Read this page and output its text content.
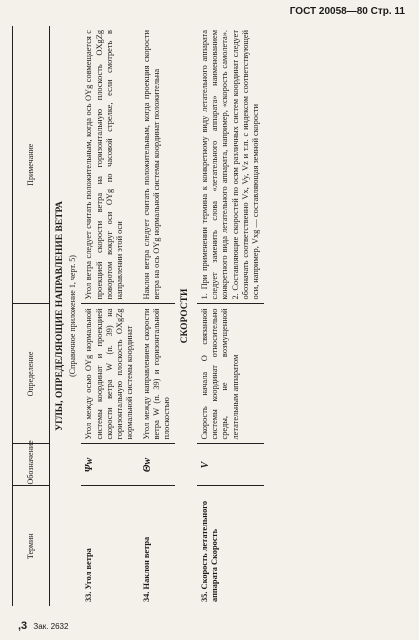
ГОСТ 20058—80 Стр. 11
Термин	Обозначение	Определение	Примечание
УГЛЫ, ОПРЕДЕЛЯЮЩИЕ НАПРАВЛЕНИЕ ВЕТРА			
(Справочное приложение 1, черт. 5)			
33. Угол ветра	Ψw	Угол между осью OYg нормальной системы координат и проекцией скорости ветра W (п. 39) на горизонтальную плоскость OXgZg нормальной системы координат	Угол ветра следует считать положительным, когда ось OYg совмещается с проекцией скорости ветра на горизонтальную плоскость OXgZg поворотом вокруг оси OYg по часовой стрелке, если смотреть в направлении этой оси
34. Наклон ветра	Θw	Угол между направлением скорости ветра W (п. 39) и горизонтальной плоскостью	Наклон ветра следует считать положительным, когда проекция скорости ветра на ось OYg нормальной системы координат положительна
СКОРОСТИ			
35. Скорость летательного аппарата Скорость	V	Скорость начала O связанной системы координат относительно среды, не возмущенной летательным аппаратом	1. При применении термина к конкретному виду летательного аппарата следует заменить слова «летательного аппарата» наименованием конкретного вида летательного аппарата, например, «скорость самолета». 2. Составляющие скоростей по осям различных систем координат следует обозначать соответственно Vx, Vy, Vz и т.п. с индексом соответствующей оси, например, Vxg — составляющая земной скорости
,3 Зак. 2632
